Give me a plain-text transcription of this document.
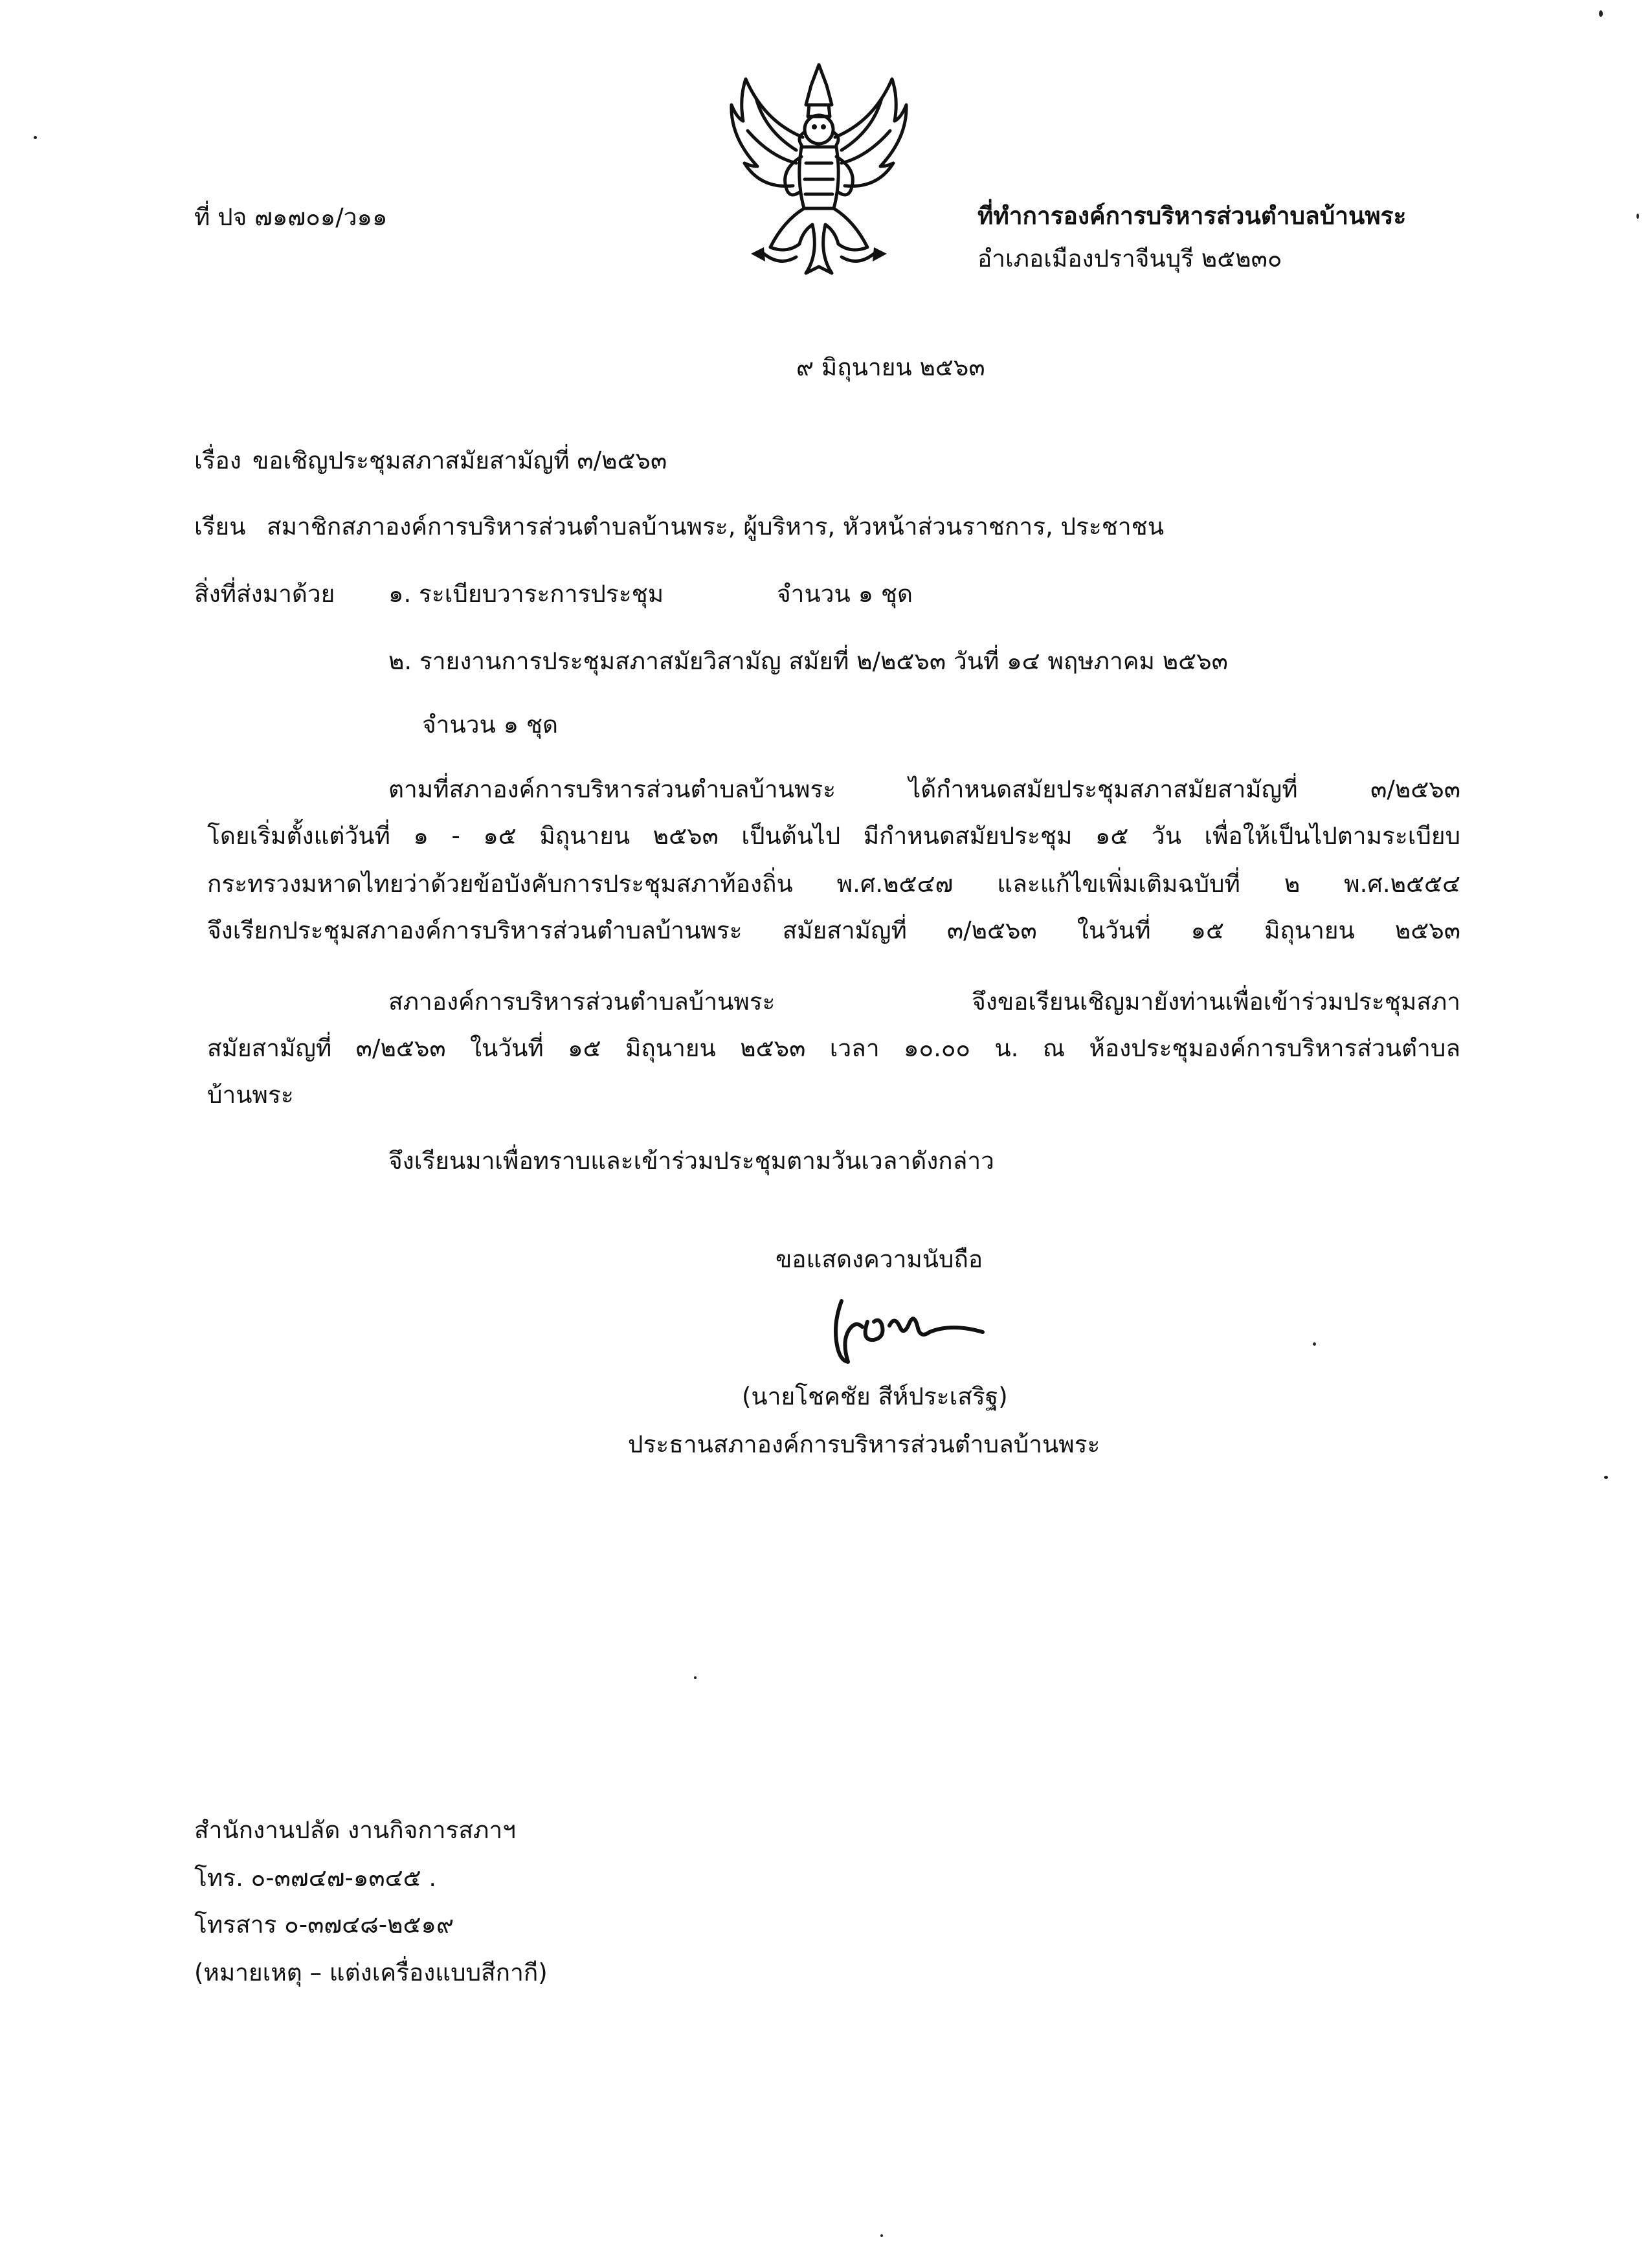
ที่ ปจ ๗๑๗๐๑/ว๑๑	ที่ทำการองค์การบริหารส่วนตำบลบ้านพระ
อำเภอเมืองปราจีนบุรี ๒๕๒๓๐
๙ มิถุนายน ๒๕๖๓
เรื่อง ขอเชิญประชุมสภาสมัยสามัญที่ ๓/๒๕๖๓
เรียน สมาชิกสภาองค์การบริหารส่วนตำบลบ้านพระ, ผู้บริหาร, หัวหน้าส่วนราชการ, ประชาชน
สิ่งที่ส่งมาด้วย ๑. ระเบียบวาระการประชุม	จำนวน ๑ ชุด
๒. รายงานการประชุมสภาสมัยวิสามัญ สมัยที่ ๒/๒๕๖๓ วันที่ ๑๔ พฤษภาคม ๒๕๖๓
จำนวน ๑ ชุด
ตามที่สภาองค์การบริหารส่วนตำบลบ้านพระ ได้กำหนดสมัยประชุมสภาสมัยสามัญที่ ๓/๒๕๖๓
โดยเริ่มตั้งแต่วันที่ ๑ - ๑๕ มิถุนายน ๒๕๖๓ เป็นต้นไป มีกำหนดสมัยประชุม ๑๕ วัน เพื่อให้เป็นไปตามระเบียบ
กระทรวงมหาดไทยว่าด้วยข้อบังคับการประชุมสภาท้องถิ่น พ.ศ.๒๕๔๗ และแก้ไขเพิ่มเติมฉบับที่ ๒ พ.ศ.๒๕๕๔
จึงเรียกประชุมสภาองค์การบริหารส่วนตำบลบ้านพระ สมัยสามัญที่ ๓/๒๕๖๓ ในวันที่ ๑๕ มิถุนายน ๒๕๖๓
สภาองค์การบริหารส่วนตำบลบ้านพระ จึงขอเรียนเชิญมายังท่านเพื่อเข้าร่วมประชุมสภา
สมัยสามัญที่ ๓/๒๕๖๓ ในวันที่ ๑๕ มิถุนายน ๒๕๖๓ เวลา ๑๐.๐๐ น. ณ ห้องประชุมองค์การบริหารส่วนตำบล
บ้านพระ
จึงเรียนมาเพื่อทราบและเข้าร่วมประชุมตามวันเวลาดังกล่าว
ขอแสดงความนับถือ
(นายโชคชัย สีห์ประเสริฐ)
ประธานสภาองค์การบริหารส่วนตำบลบ้านพระ
สำนักงานปลัด งานกิจการสภาฯ
โทร. ๐-๓๗๔๗-๑๓๔๕ .
โทรสาร ๐-๓๗๔๘-๒๕๑๙
(หมายเหตุ – แต่งเครื่องแบบสีกากี)
